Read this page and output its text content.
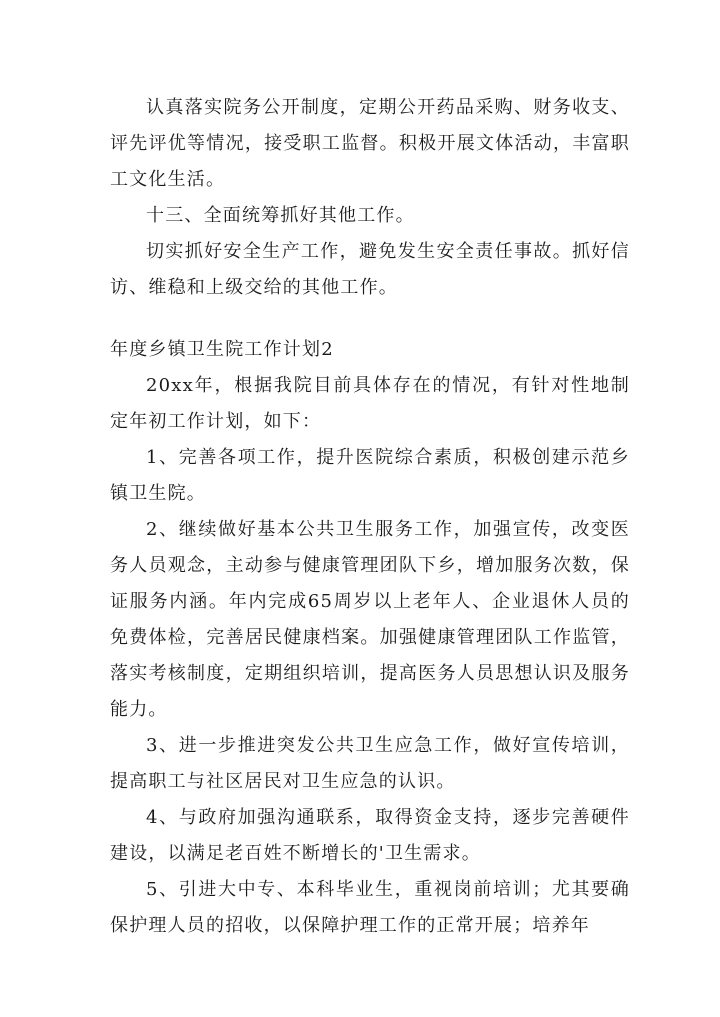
认真落实院务公开制度，定期公开药品采购、财务收支、评先评优等情况，接受职工监督。积极开展文体活动，丰富职工文化生活。

十三、全面统筹抓好其他工作。

切实抓好安全生产工作，避免发生安全责任事故。抓好信访、维稳和上级交给的其他工作。

年度乡镇卫生院工作计划2

20xx年，根据我院目前具体存在的情况，有针对性地制定年初工作计划，如下：

1、完善各项工作，提升医院综合素质，积极创建示范乡镇卫生院。

2、继续做好基本公共卫生服务工作，加强宣传，改变医务人员观念，主动参与健康管理团队下乡，增加服务次数，保证服务内涵。年内完成65周岁以上老年人、企业退休人员的免费体检，完善居民健康档案。加强健康管理团队工作监管，落实考核制度，定期组织培训，提高医务人员思想认识及服务能力。

3、进一步推进突发公共卫生应急工作，做好宣传培训，提高职工与社区居民对卫生应急的认识。

4、与政府加强沟通联系，取得资金支持，逐步完善硬件建设，以满足老百姓不断增长的'卫生需求。

5、引进大中专、本科毕业生，重视岗前培训；尤其要确保护理人员的招收，以保障护理工作的正常开展；培养年
